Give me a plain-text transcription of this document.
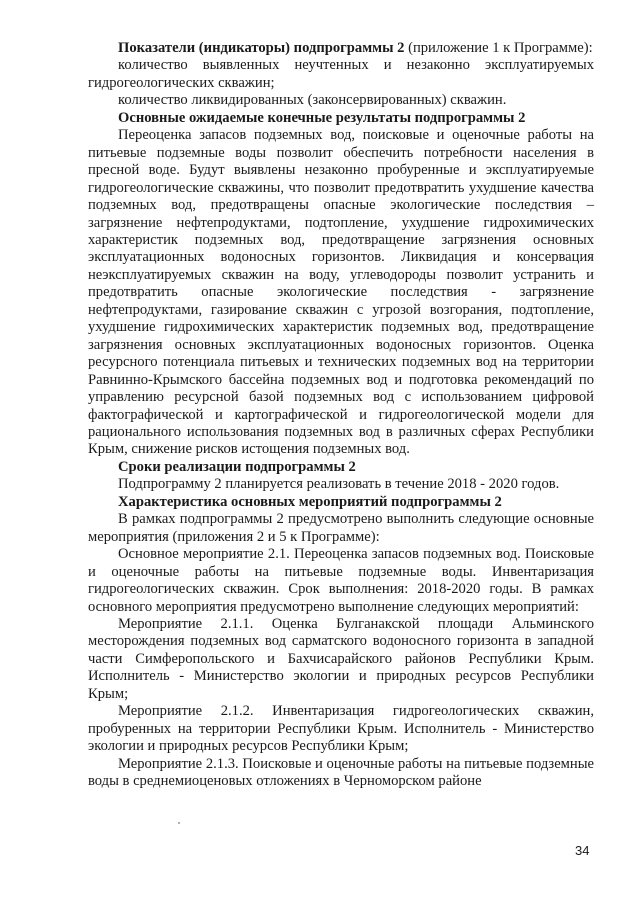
Показатели (индикаторы) подпрограммы 2 (приложение 1 к Программе):

количество выявленных неучтенных и незаконно эксплуатируемых гидрогеологических скважин;

количество ликвидированных (законсервированных) скважин.

Основные ожидаемые конечные результаты подпрограммы 2

Переоценка запасов подземных вод, поисковые и оценочные работы на питьевые подземные воды позволит обеспечить потребности населения в пресной воде. Будут выявлены незаконно пробуренные и эксплуатируемые гидрогеологические скважины, что позволит предотвратить ухудшение качества подземных вод, предотвращены опасные экологические последствия – загрязнение нефтепродуктами, подтопление, ухудшение гидрохимических характеристик подземных вод, предотвращение загрязнения основных эксплуатационных водоносных горизонтов. Ликвидация и консервация неэксплуатируемых скважин на воду, углеводороды позволит устранить и предотвратить опасные экологические последствия - загрязнение нефтепродуктами, газирование скважин с угрозой возгорания, подтопление, ухудшение гидрохимических характеристик подземных вод, предотвращение загрязнения основных эксплуатационных водоносных горизонтов. Оценка ресурсного потенциала питьевых и технических подземных вод на территории Равнинно-Крымского бассейна подземных вод и подготовка рекомендаций по управлению ресурсной базой подземных вод с использованием цифровой фактографической и картографической и гидрогеологической модели для рационального использования подземных вод в различных сферах Республики Крым, снижение рисков истощения подземных вод.

Сроки реализации подпрограммы 2

Подпрограмму 2 планируется реализовать в течение 2018 - 2020 годов.

Характеристика основных мероприятий подпрограммы 2

В рамках подпрограммы 2 предусмотрено выполнить следующие основные мероприятия (приложения 2 и 5 к Программе):

Основное мероприятие 2.1. Переоценка запасов подземных вод. Поисковые и оценочные работы на питьевые подземные воды. Инвентаризация гидрогеологических скважин. Срок выполнения: 2018-2020 годы. В рамках основного мероприятия предусмотрено выполнение следующих мероприятий:

Мероприятие 2.1.1. Оценка Булганакской площади Альминского месторождения подземных вод сарматского водоносного горизонта в западной части Симферопольского и Бахчисарайского районов Республики Крым. Исполнитель - Министерство экологии и природных ресурсов Республики Крым;

Мероприятие 2.1.2. Инвентаризация гидрогеологических скважин, пробуренных на территории Республики Крым. Исполнитель - Министерство экологии и природных ресурсов Республики Крым;

Мероприятие 2.1.3. Поисковые и оценочные работы на питьевые подземные воды в среднемиоценовых отложениях в Черноморском районе

34
